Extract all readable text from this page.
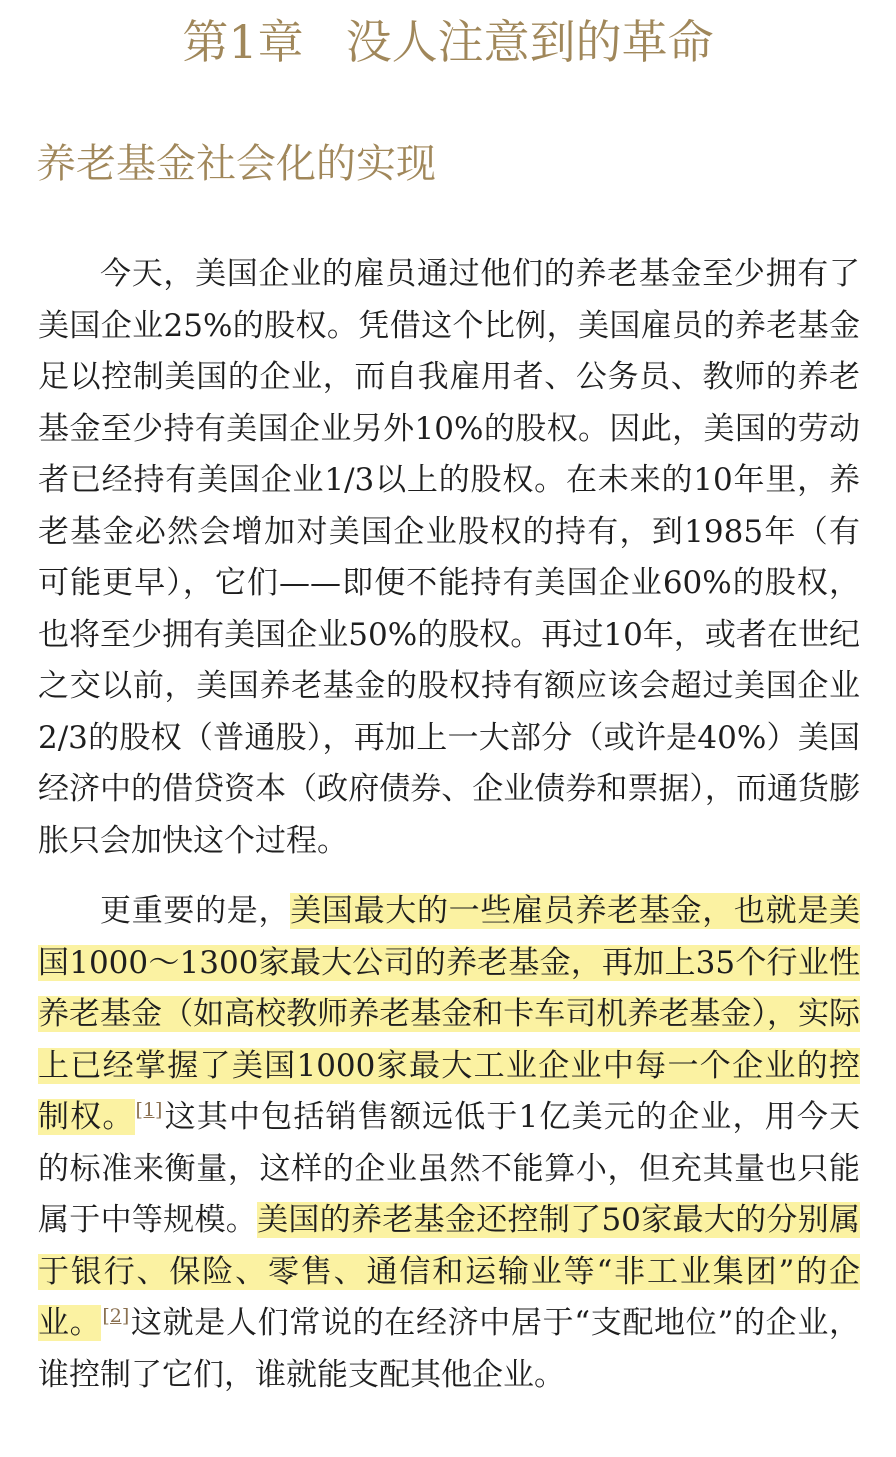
第1章 没人注意到的革命
养老基金社会化的实现

今天，美国企业的雇员通过他们的养老基金至少拥有了美国企业25%的股权。凭借这个比例，美国雇员的养老基金足以控制美国的企业，而自我雇用者、公务员、教师的养老基金至少持有美国企业另外10%的股权。因此，美国的劳动者已经持有美国企业1/3以上的股权。在未来的10年里，养老基金必然会增加对美国企业股权的持有，到1985年（有可能更早），它们——即便不能持有美国企业60%的股权，也将至少拥有美国企业50%的股权。再过10年，或者在世纪之交以前，美国养老基金的股权持有额应该会超过美国企业2/3的股权（普通股），再加上一大部分（或许是40%）美国经济中的借贷资本（政府债券、企业债券和票据），而通货膨胀只会加快这个过程。

更重要的是，美国最大的一些雇员养老基金，也就是美国1000～1300家最大公司的养老基金，再加上35个行业性养老基金（如高校教师养老基金和卡车司机养老基金），实际上已经掌握了美国1000家最大工业企业中每一个企业的控制权。[1]这其中包括销售额远低于1亿美元的企业，用今天的标准来衡量，这样的企业虽然不能算小，但充其量也只能属于中等规模。美国的养老基金还控制了50家最大的分别属于银行、保险、零售、通信和运输业等“非工业集团”的企业。[2]这就是人们常说的在经济中居于“支配地位”的企业，谁控制了它们，谁就能支配其他企业。
